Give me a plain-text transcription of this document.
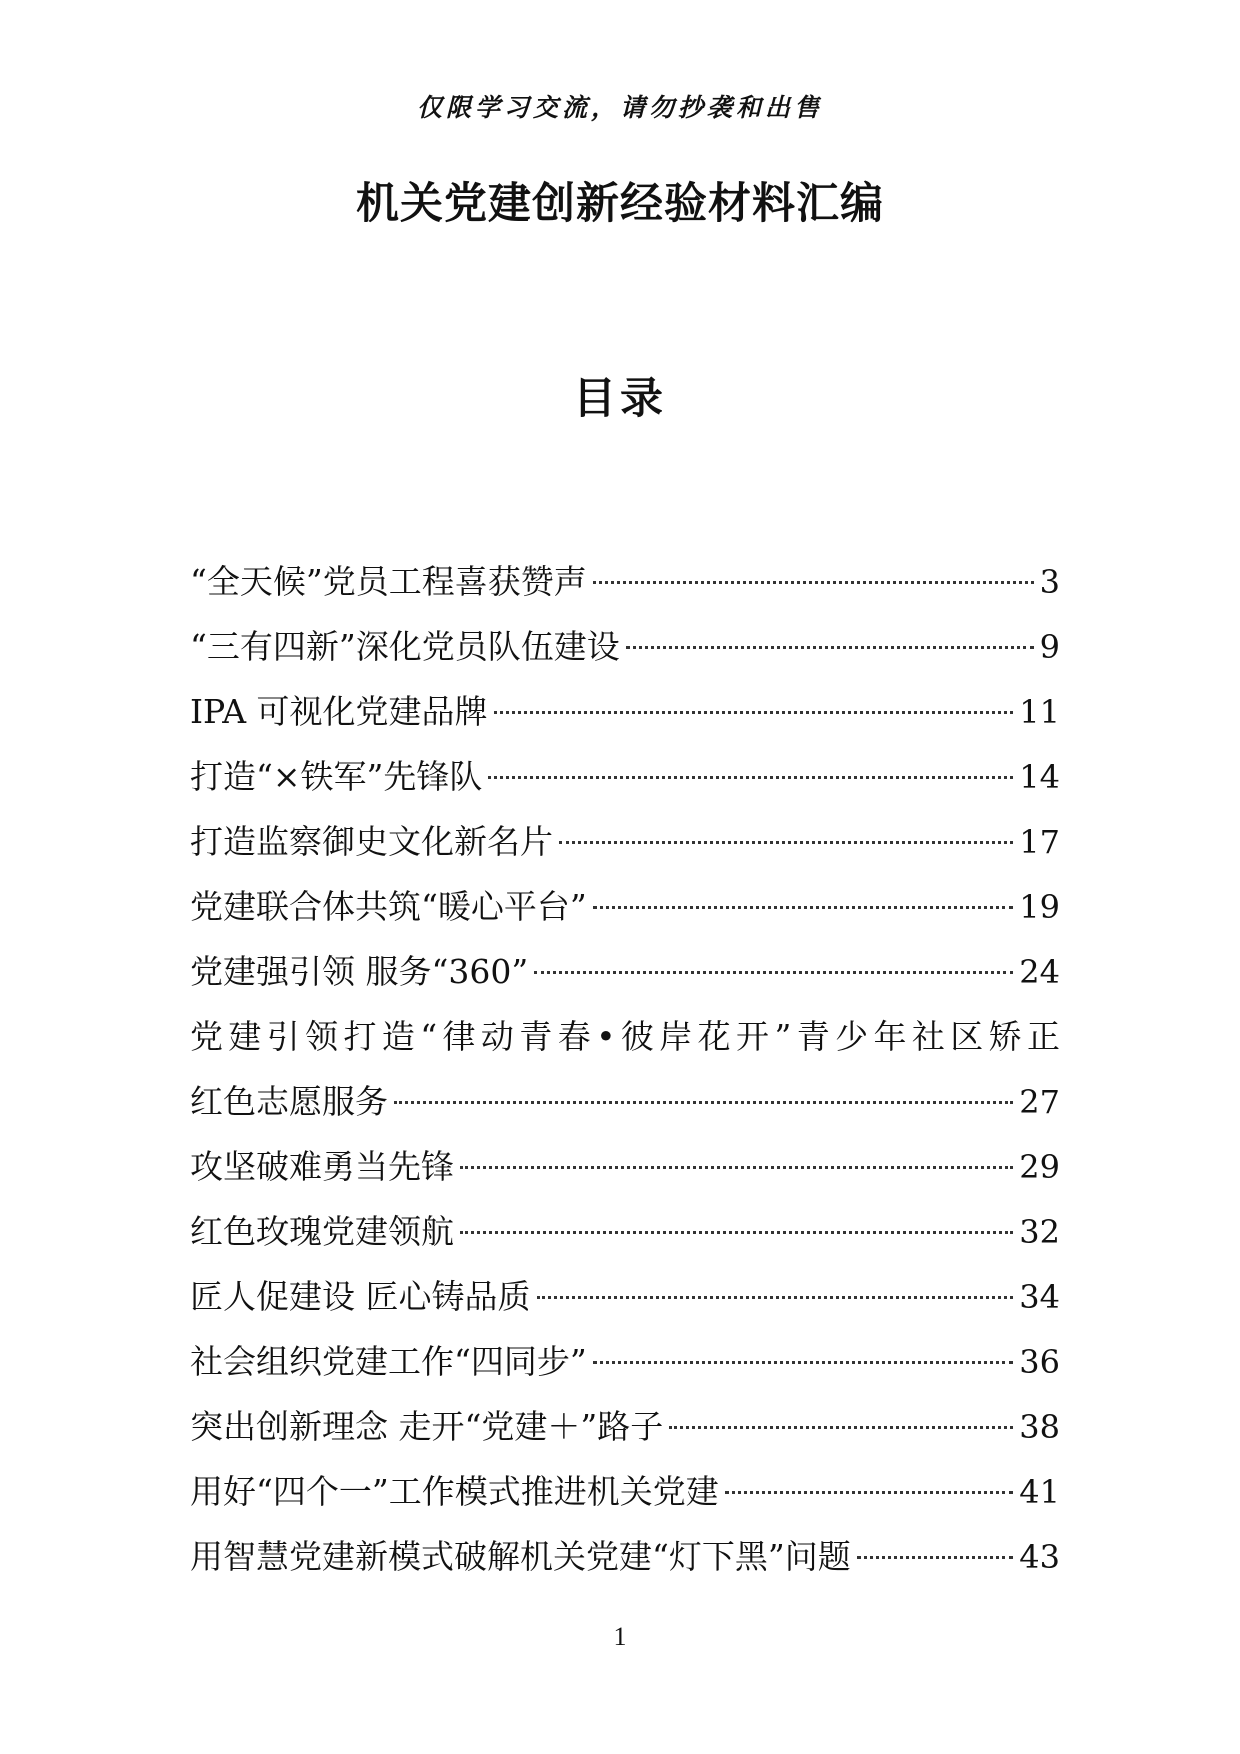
仅限学习交流，请勿抄袭和出售
机关党建创新经验材料汇编
目录
“全天候”党员工程喜获赞声	3
“三有四新”深化党员队伍建设	9
IPA 可视化党建品牌	11
打造“×铁军”先锋队	14
打造监察御史文化新名片	17
党建联合体共筑“暖心平台”	19
党建强引领 服务“360”	24
党建引领打造“律动青春•彼岸花开”青少年社区矫正
红色志愿服务	27
攻坚破难勇当先锋	29
红色玫瑰党建领航	32
匠人促建设 匠心铸品质	34
社会组织党建工作“四同步”	36
突出创新理念 走开“党建＋”路子	38
用好“四个一”工作模式推进机关党建	41
用智慧党建新模式破解机关党建“灯下黑”问题	43
1
